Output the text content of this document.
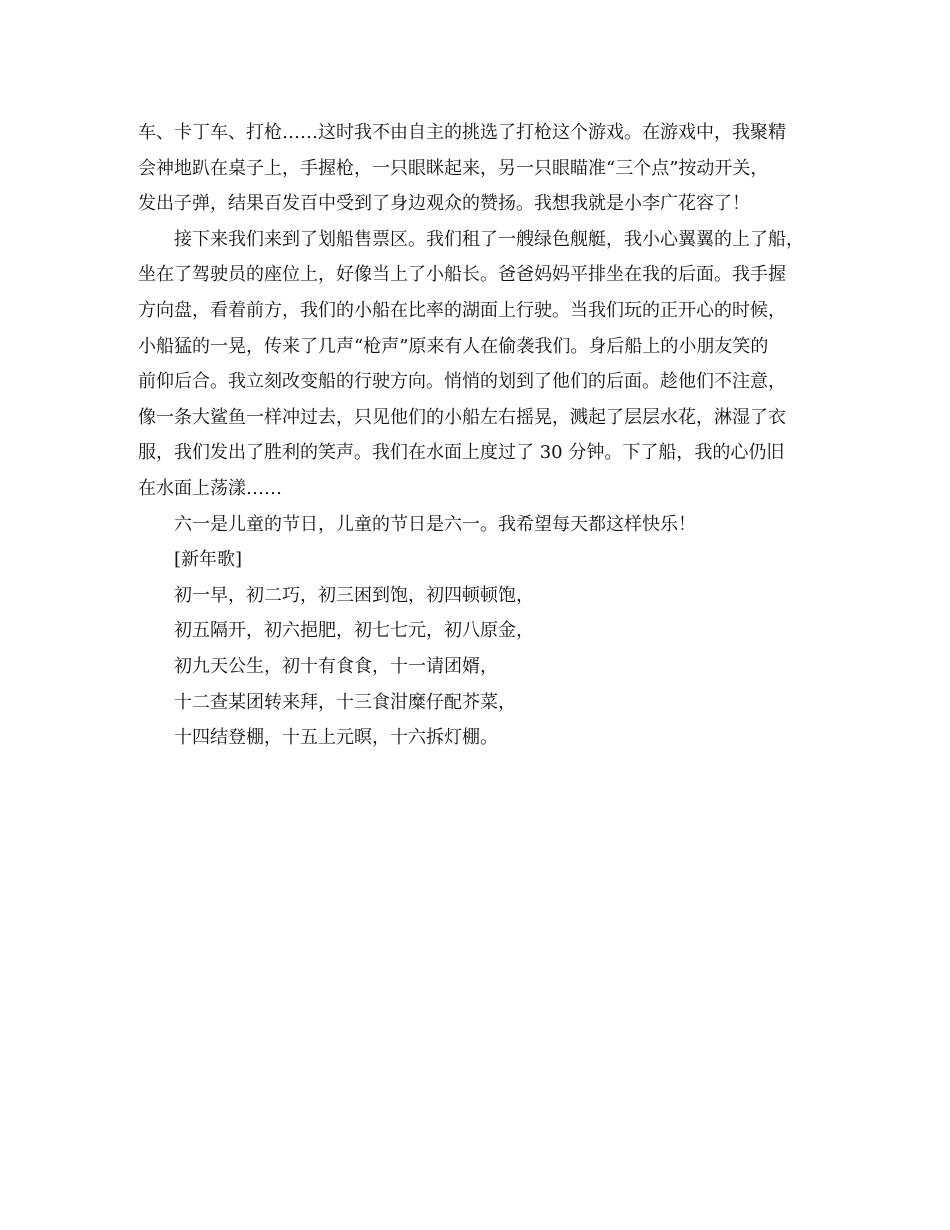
车、卡丁车、打枪……这时我不由自主的挑选了打枪这个游戏。在游戏中，我聚精
会神地趴在桌子上，手握枪，一只眼眯起来，另一只眼瞄准“三个点”按动开关，
发出子弹，结果百发百中受到了身边观众的赞扬。我想我就是小李广花容了！
接下来我们来到了划船售票区。我们租了一艘绿色舰艇，我小心翼翼的上了船，
坐在了驾驶员的座位上，好像当上了小船长。爸爸妈妈平排坐在我的后面。我手握
方向盘，看着前方，我们的小船在比率的湖面上行驶。当我们玩的正开心的时候，
小船猛的一晃，传来了几声“枪声”原来有人在偷袭我们。身后船上的小朋友笑的
前仰后合。我立刻改变船的行驶方向。悄悄的划到了他们的后面。趁他们不注意，
像一条大鲨鱼一样冲过去，只见他们的小船左右摇晃，溅起了层层水花，淋湿了衣
服，我们发出了胜利的笑声。我们在水面上度过了 30 分钟。下了船，我的心仍旧
在水面上荡漾……
六一是儿童的节日，儿童的节日是六一。我希望每天都这样快乐！
[新年歌]
初一早，初二巧，初三困到饱，初四顿顿饱，
初五隔开，初六挹肥，初七七元，初八原金，
初九天公生，初十有食食，十一请团婿，
十二查某团转来拜，十三食泔糜仔配芥菜，
十四结登棚，十五上元暝，十六拆灯棚。
